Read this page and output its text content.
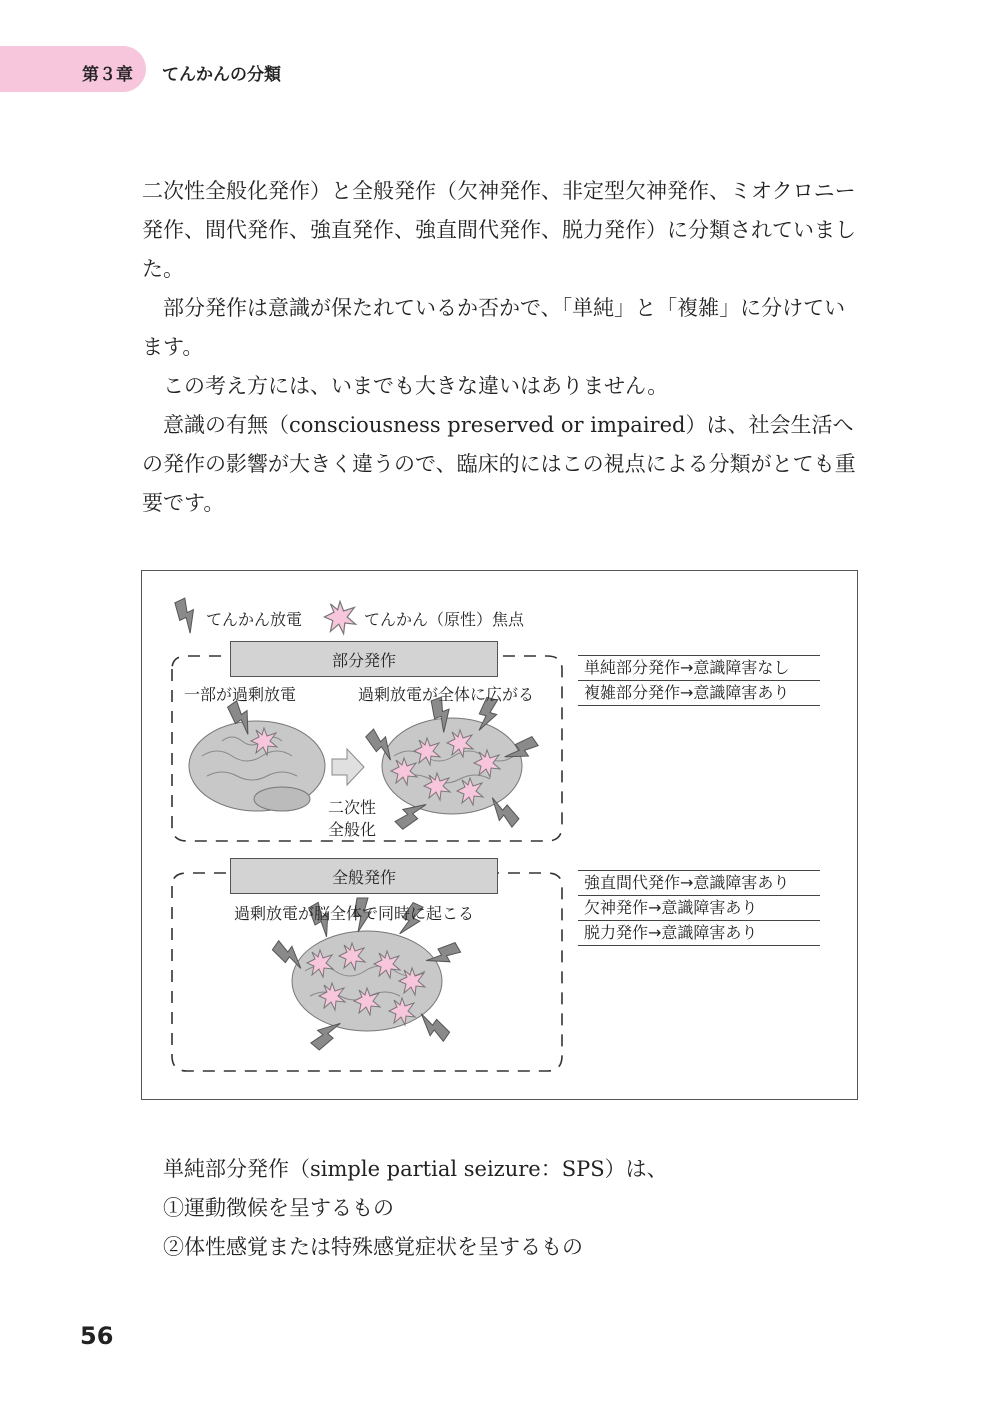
第３章 てんかんの分類

二次性全般化発作）と全般発作（欠神発作、非定型欠神発作、ミオクロニー発作、間代発作、強直発作、強直間代発作、脱力発作）に分類されていました。

部分発作は意識が保たれているか否かで、「単純」と「複雑」に分けています。

この考え方には、いまでも大きな違いはありません。

意識の有無（consciousness preserved or impaired）は、社会生活への発作の影響が大きく違うので、臨床的にはこの視点による分類がとても重要です。

てんかん放電	てんかん（原性）焦点
部分発作
一部が過剰放電	過剰放電が全体に広がる
二次性
全般化
全般発作
過剰放電が脳全体で同時に起こる
単純部分発作→意識障害なし
複雑部分発作→意識障害あり
強直間代発作→意識障害あり
欠神発作→意識障害あり
脱力発作→意識障害あり

単純部分発作（simple partial seizure：SPS）は、

①運動徴候を呈するもの

②体性感覚または特殊感覚症状を呈するもの

56
